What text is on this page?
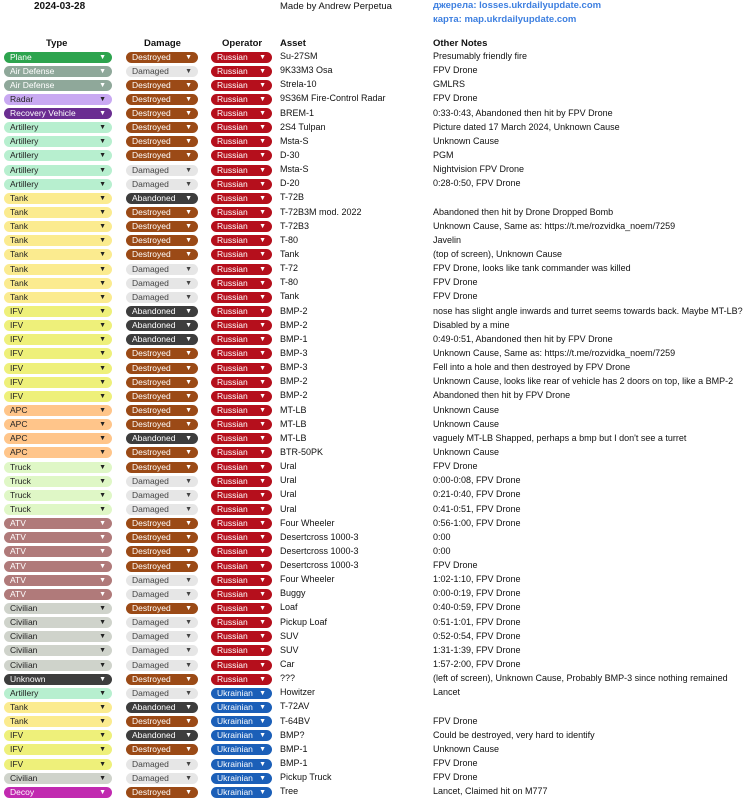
2024-03-28	Made by Andrew Perpetua	джерела: losses.ukrdailyupdate.com
карта: map.ukrdailyupdate.com
Type	Damage	Operator Asset	Other Notes
Plane	▼	Destroyed ▼	Russian ▼ Su-27SM	Presumably friendly fire
Air Defense	▼	Damaged ▼	Russian ▼ 9K33M3 Osa	FPV Drone
Air Defense	▼	Destroyed ▼	Russian ▼ Strela-10	GMLRS
Radar	▼	Destroyed ▼	Russian ▼ 9S36M Fire-Control Radar	FPV Drone
Recovery Vehicle	▼	Destroyed ▼	Russian ▼ BREM-1	0:33-0:43, Abandoned then hit by FPV Drone
Artillery	▼	Destroyed ▼	Russian ▼ 2S4 Tulpan	Picture dated 17 March 2024, Unknown Cause
Artillery	▼	Destroyed ▼	Russian ▼ Msta-S	Unknown Cause
Artillery	▼	Destroyed ▼	Russian ▼ D-30	PGM
Artillery	▼	Damaged ▼	Russian ▼ Msta-S	Nightvision FPV Drone
Artillery	▼	Damaged ▼	Russian ▼ D-20	0:28-0:50, FPV Drone
Tank	▼	Abandoned ▼	Russian ▼ T-72B
Tank	▼	Destroyed ▼	Russian ▼ T-72B3M mod. 2022	Abandoned then hit by Drone Dropped Bomb
Tank	▼	Destroyed ▼	Russian ▼ T-72B3	Unknown Cause, Same as: https://t.me/rozvidka_noem/7259
Tank	▼	Destroyed ▼	Russian ▼ T-80	Javelin
Tank	▼	Destroyed ▼	Russian ▼ Tank	(top of screen), Unknown Cause
Tank	▼	Damaged ▼	Russian ▼ T-72	FPV Drone, looks like tank commander was killed
Tank	▼	Damaged ▼	Russian ▼ T-80	FPV Drone
Tank	▼	Damaged ▼	Russian ▼ Tank	FPV Drone
IFV	▼	Abandoned ▼	Russian ▼ BMP-2	nose has slight angle inwards and turret seems towards back. Maybe MT-LB?
IFV	▼	Abandoned ▼	Russian ▼ BMP-2	Disabled by a mine
IFV	▼	Abandoned ▼	Russian ▼ BMP-1	0:49-0:51, Abandoned then hit by FPV Drone
IFV	▼	Destroyed ▼	Russian ▼ BMP-3	Unknown Cause, Same as: https://t.me/rozvidka_noem/7259
IFV	▼	Destroyed ▼	Russian ▼ BMP-3	Fell into a hole and then destroyed by FPV Drone
IFV	▼	Destroyed ▼	Russian ▼ BMP-2	Unknown Cause, looks like rear of vehicle has 2 doors on top, like a BMP-2
IFV	▼	Destroyed ▼	Russian ▼ BMP-2	Abandoned then hit by FPV Drone
APC	▼	Destroyed ▼	Russian ▼ MT-LB	Unknown Cause
APC	▼	Destroyed ▼	Russian ▼ MT-LB	Unknown Cause
APC	▼	Abandoned ▼	Russian ▼ MT-LB	vaguely MT-LB Shapped, perhaps a bmp but I don't see a turret
APC	▼	Destroyed ▼	Russian ▼ BTR-50PK	Unknown Cause
Truck	▼	Destroyed ▼	Russian ▼ Ural	FPV Drone
Truck	▼	Damaged ▼	Russian ▼ Ural	0:00-0:08, FPV Drone
Truck	▼	Damaged ▼	Russian ▼ Ural	0:21-0:40, FPV Drone
Truck	▼	Damaged ▼	Russian ▼ Ural	0:41-0:51, FPV Drone
ATV	▼	Destroyed ▼	Russian ▼ Four Wheeler	0:56-1:00, FPV Drone
ATV	▼	Destroyed ▼	Russian ▼ Desertcross 1000-3	0:00
ATV	▼	Destroyed ▼	Russian ▼ Desertcross 1000-3	0:00
ATV	▼	Destroyed ▼	Russian ▼ Desertcross 1000-3	FPV Drone
ATV	▼	Damaged ▼	Russian ▼ Four Wheeler	1:02-1:10, FPV Drone
ATV	▼	Damaged ▼	Russian ▼ Buggy	0:00-0:19, FPV Drone
Civilian	▼	Destroyed ▼	Russian ▼ Loaf	0:40-0:59, FPV Drone
Civilian	▼	Damaged ▼	Russian ▼ Pickup Loaf	0:51-1:01, FPV Drone
Civilian	▼	Damaged ▼	Russian ▼ SUV	0:52-0:54, FPV Drone
Civilian	▼	Damaged ▼	Russian ▼ SUV	1:31-1:39, FPV Drone
Civilian	▼	Damaged ▼	Russian ▼ Car	1:57-2:00, FPV Drone
Unknown	▼	Destroyed ▼	Russian ▼ ???	(left of screen), Unknown Cause, Probably BMP-3 since nothing remained
Artillery	▼	Damaged ▼	Ukrainian ▼ Howitzer	Lancet
Tank	▼	Abandoned ▼	Ukrainian ▼ T-72AV
Tank	▼	Destroyed ▼	Ukrainian ▼ T-64BV	FPV Drone
IFV	▼	Abandoned ▼	Ukrainian ▼ BMP?	Could be destroyed, very hard to identify
IFV	▼	Destroyed ▼	Ukrainian ▼ BMP-1	Unknown Cause
IFV	▼	Damaged ▼	Ukrainian ▼ BMP-1	FPV Drone
Civilian	▼	Damaged ▼	Ukrainian ▼ Pickup Truck	FPV Drone
Decoy	▼	Destroyed ▼	Ukrainian ▼ Tree	Lancet, Claimed hit on M777
